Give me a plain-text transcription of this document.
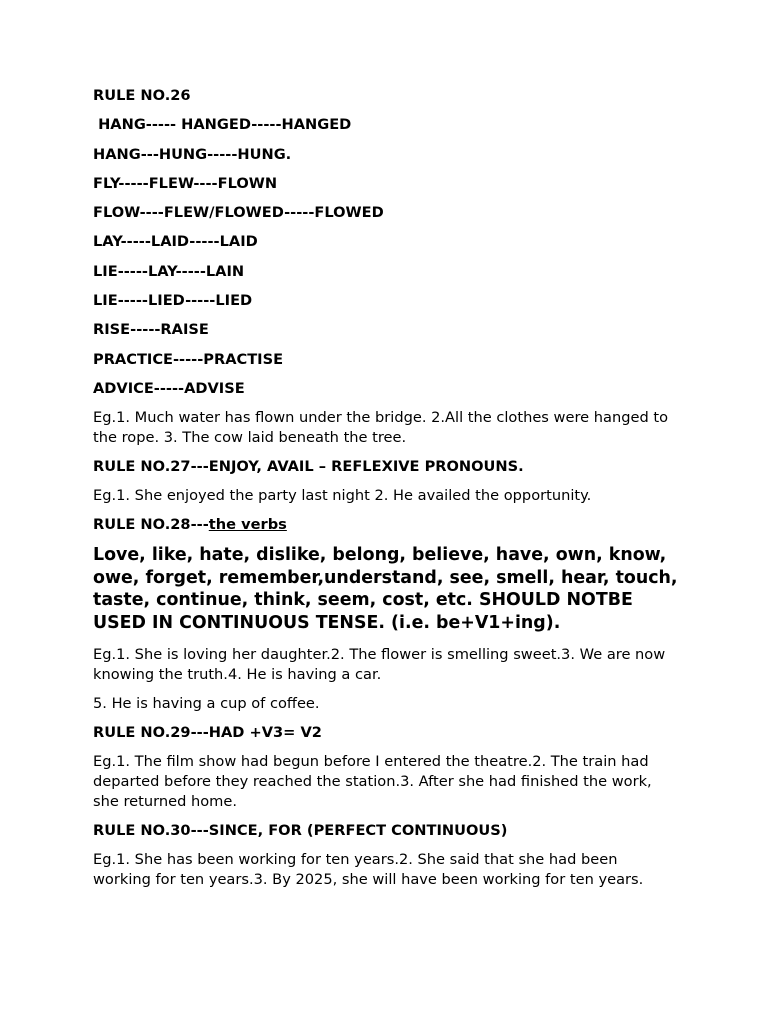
RULE NO.26

HANG----- HANGED-----HANGED

HANG---HUNG-----HUNG.

FLY-----FLEW----FLOWN

FLOW----FLEW/FLOWED-----FLOWED

LAY-----LAID-----LAID

LIE-----LAY-----LAIN

LIE-----LIED-----LIED

RISE-----RAISE

PRACTICE-----PRACTISE

ADVICE-----ADVISE

Eg.1. Much water has flown under the bridge. 2.All the clothes were hanged to the rope. 3. The cow laid beneath the tree.

RULE NO.27---ENJOY, AVAIL – REFLEXIVE PRONOUNS.

Eg.1. She enjoyed the party last night 2. He availed the opportunity.

RULE NO.28---the verbs

Love, like, hate, dislike, belong, believe, have, own, know, owe, forget, remember,understand, see, smell, hear, touch, taste, continue, think, seem, cost, etc. SHOULD NOTBE USED IN CONTINUOUS TENSE. (i.e. be+V1+ing).

Eg.1. She is loving her daughter.2. The flower is smelling sweet.3. We are now knowing the truth.4. He is having a car.

5. He is having a cup of coffee.

RULE NO.29---HAD +V3= V2

Eg.1. The film show had begun before I entered the theatre.2. The train had departed before they reached the station.3. After she had finished the work, she returned home.

RULE NO.30---SINCE, FOR (PERFECT CONTINUOUS)

Eg.1. She has been working for ten years.2. She said that she had been working for ten years.3. By 2025, she will have been working for ten years.
